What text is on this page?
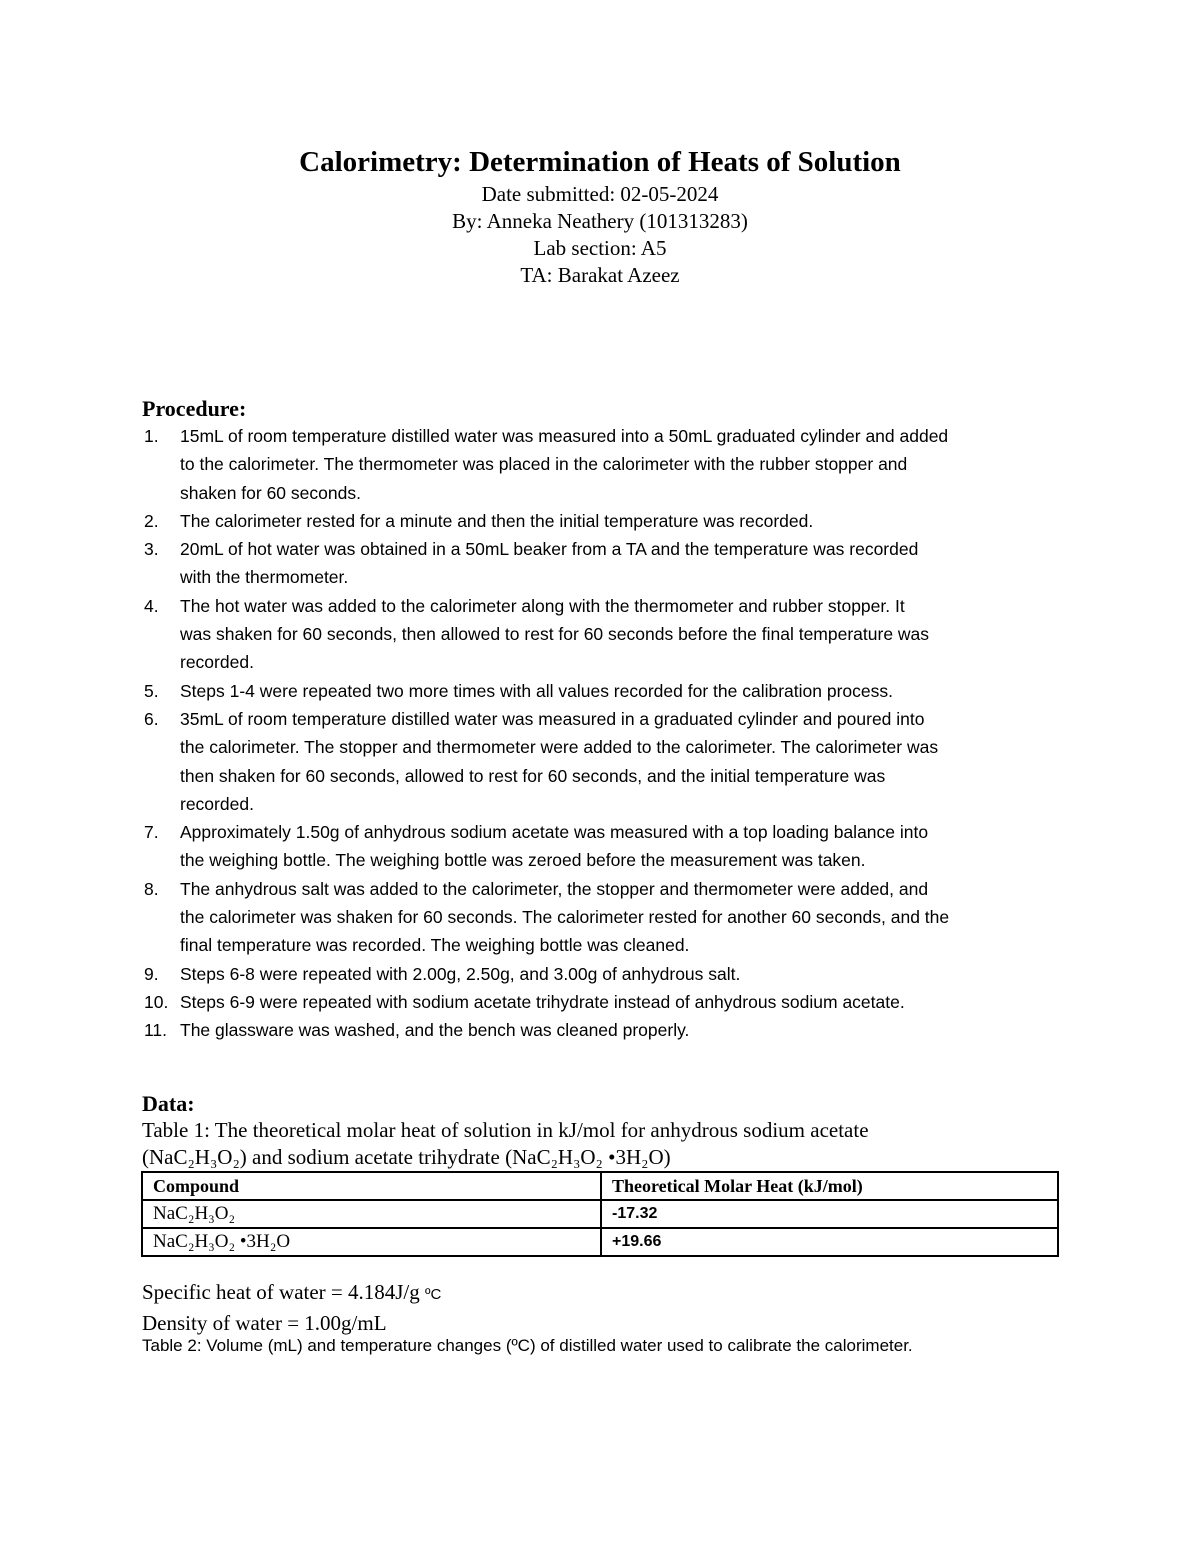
Calorimetry: Determination of Heats of Solution

Date submitted: 02-05-2024

By: Anneka Neathery (101313283)

Lab section: A5

TA: Barakat Azeez

Procedure:

1. 15mL of room temperature distilled water was measured into a 50mL graduated cylinder and added
to the calorimeter. The thermometer was placed in the calorimeter with the rubber stopper and
shaken for 60 seconds.
2. The calorimeter rested for a minute and then the initial temperature was recorded.
3. 20mL of hot water was obtained in a 50mL beaker from a TA and the temperature was recorded
with the thermometer.
4. The hot water was added to the calorimeter along with the thermometer and rubber stopper. It
was shaken for 60 seconds, then allowed to rest for 60 seconds before the final temperature was
recorded.
5. Steps 1-4 were repeated two more times with all values recorded for the calibration process.
6. 35mL of room temperature distilled water was measured in a graduated cylinder and poured into
the calorimeter. The stopper and thermometer were added to the calorimeter. The calorimeter was
then shaken for 60 seconds, allowed to rest for 60 seconds, and the initial temperature was
recorded.
7. Approximately 1.50g of anhydrous sodium acetate was measured with a top loading balance into
the weighing bottle. The weighing bottle was zeroed before the measurement was taken.
8. The anhydrous salt was added to the calorimeter, the stopper and thermometer were added, and
the calorimeter was shaken for 60 seconds. The calorimeter rested for another 60 seconds, and the
final temperature was recorded. The weighing bottle was cleaned.
9. Steps 6-8 were repeated with 2.00g, 2.50g, and 3.00g of anhydrous salt.
10. Steps 6-9 were repeated with sodium acetate trihydrate instead of anhydrous sodium acetate.
11. The glassware was washed, and the bench was cleaned properly.

Data:

Table 1: The theoretical molar heat of solution in kJ/mol for anhydrous sodium acetate
(NaC₂H₃O₂) and sodium acetate trihydrate (NaC₂H₃O₂ •3H₂O)

Compound	Theoretical Molar Heat (kJ/mol)
NaC₂H₃O₂	-17.32
NaC₂H₃O₂ •3H₂O	+19.66

Specific heat of water = 4.184J/g ºC

Density of water = 1.00g/mL

Table 2: Volume (mL) and temperature changes (ºC) of distilled water used to calibrate the calorimeter.
